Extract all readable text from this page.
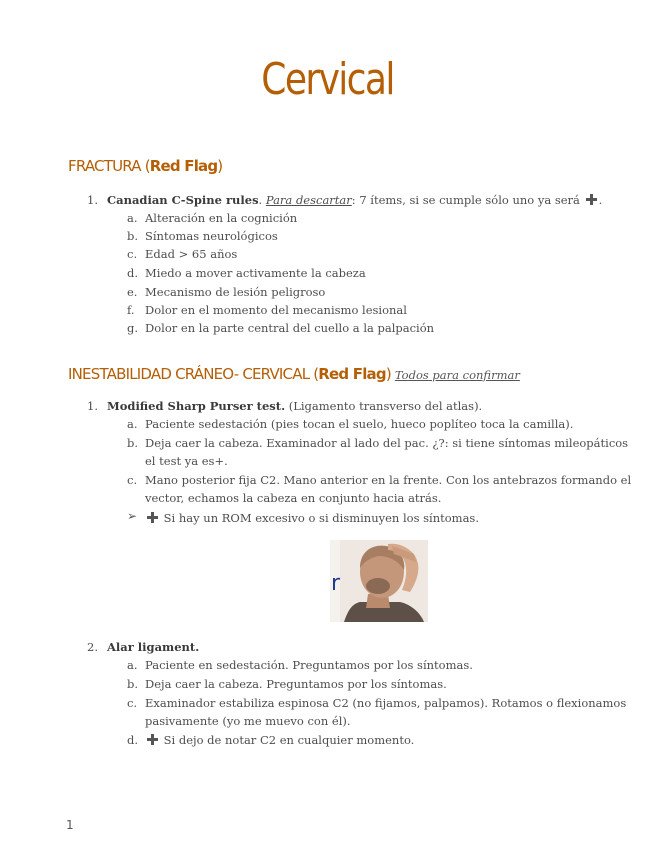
Cervical
FRACTURA (Red Flag)
1. Canadian C-Spine rules. Para descartar: 7 ítems, si se cumple sólo uno ya será .
a. Alteración en la cognición
b. Síntomas neurológicos
c. Edad > 65 años
d. Miedo a mover activamente la cabeza
e. Mecanismo de lesión peligroso
f. Dolor en el momento del mecanismo lesional
g. Dolor en la parte central del cuello a la palpación
INESTABILIDAD CRÁNEO- CERVICAL (Red Flag) Todos para confirmar
1. Modified Sharp Purser test. (Ligamento transverso del atlas).
a. Paciente sedestación (pies tocan el suelo, hueco poplíteo toca la camilla).
b. Deja caer la cabeza. Examinador al lado del pac. ¿?: si tiene síntomas mileopáticos
el test ya es+.
c. Mano posterior fija C2. Mano anterior en la frente. Con los antebrazos formando el
vector, echamos la cabeza en conjunto hacia atrás.
➢	Si hay un ROM excesivo o si disminuyen los síntomas.
r
2. Alar ligament.
a. Paciente en sedestación. Preguntamos por los síntomas.
b. Deja caer la cabeza. Preguntamos por los síntomas.
c. Examinador estabiliza espinosa C2 (no fijamos, palpamos). Rotamos o flexionamos
pasivamente (yo me muevo con él).
d.	Si dejo de notar C2 en cualquier momento.
1
